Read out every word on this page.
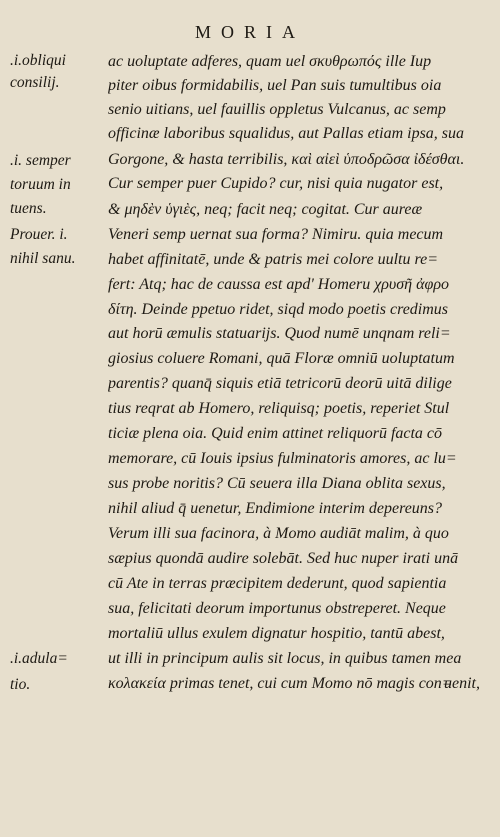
MORIA
.i.obliqui
consilij.
.i. semper
toruum in
tuens.
Prouer. i.
nihil sanu.
.i.adula=
tio.
ac uoluptate adferes, quam uel σκυθρωπός ille Iup
piter oibus formidabilis, uel Pan suis tumultibus oia
senio uitians, uel fauillis oppletus Vulcanus, ac semp
officinæ laboribus squalidus, aut Pallas etiam ipsa, sua
Gorgone, & hasta terribilis, καὶ αἰεὶ ὑποδρῶσα ἰδέσθαι.
Cur semper puer Cupido? cur, nisi quia nugator est,
& μηδὲν ὑγιὲς, neq; facit neq; cogitat. Cur aureæ
Veneri semp uernat sua forma? Nimiru. quia mecum
habet affinitatē, unde & patris mei colore uultu re=
fert: Atq; hac de caussa est apd' Homeru χρυσῆ ἀφρο
δίτη. Deinde ppetuo ridet, siqd modo poetis credimus
aut horū æmulis statuarijs. Quod numē unqnam reli=
giosius coluere Romani, quā Floræ omniū uoluptatum
parentis? quanq̄ siquis etiā tetricorū deorū uitā dilige
tius reqrat ab Homero, reliquisq; poetis, reperiet Stul
ticiæ plena oia. Quid enim attinet reliquorū facta cō
memorare, cū Iouis ipsius fulminatoris amores, ac lu=
sus probe noritis? Cū seuera illa Diana oblita sexus,
nihil aliud q̄ uenetur, Endimione interim depereuns?
Verum illi sua facinora, à Momo audiāt malim, à quo
sæpius quondā audire solebāt. Sed huc nuper irati unā
cū Ate in terras præcipitem dederunt, quod sapientia
sua, felicitati deorum importunus obstreperet. Neque
mortaliū ullus exulem dignatur hospitio, tantū abest,
ut illi in principum aulis sit locus, in quibus tamen mea
κολακεία primas tenet, cui cum Momo nō magis con=
uenit,
